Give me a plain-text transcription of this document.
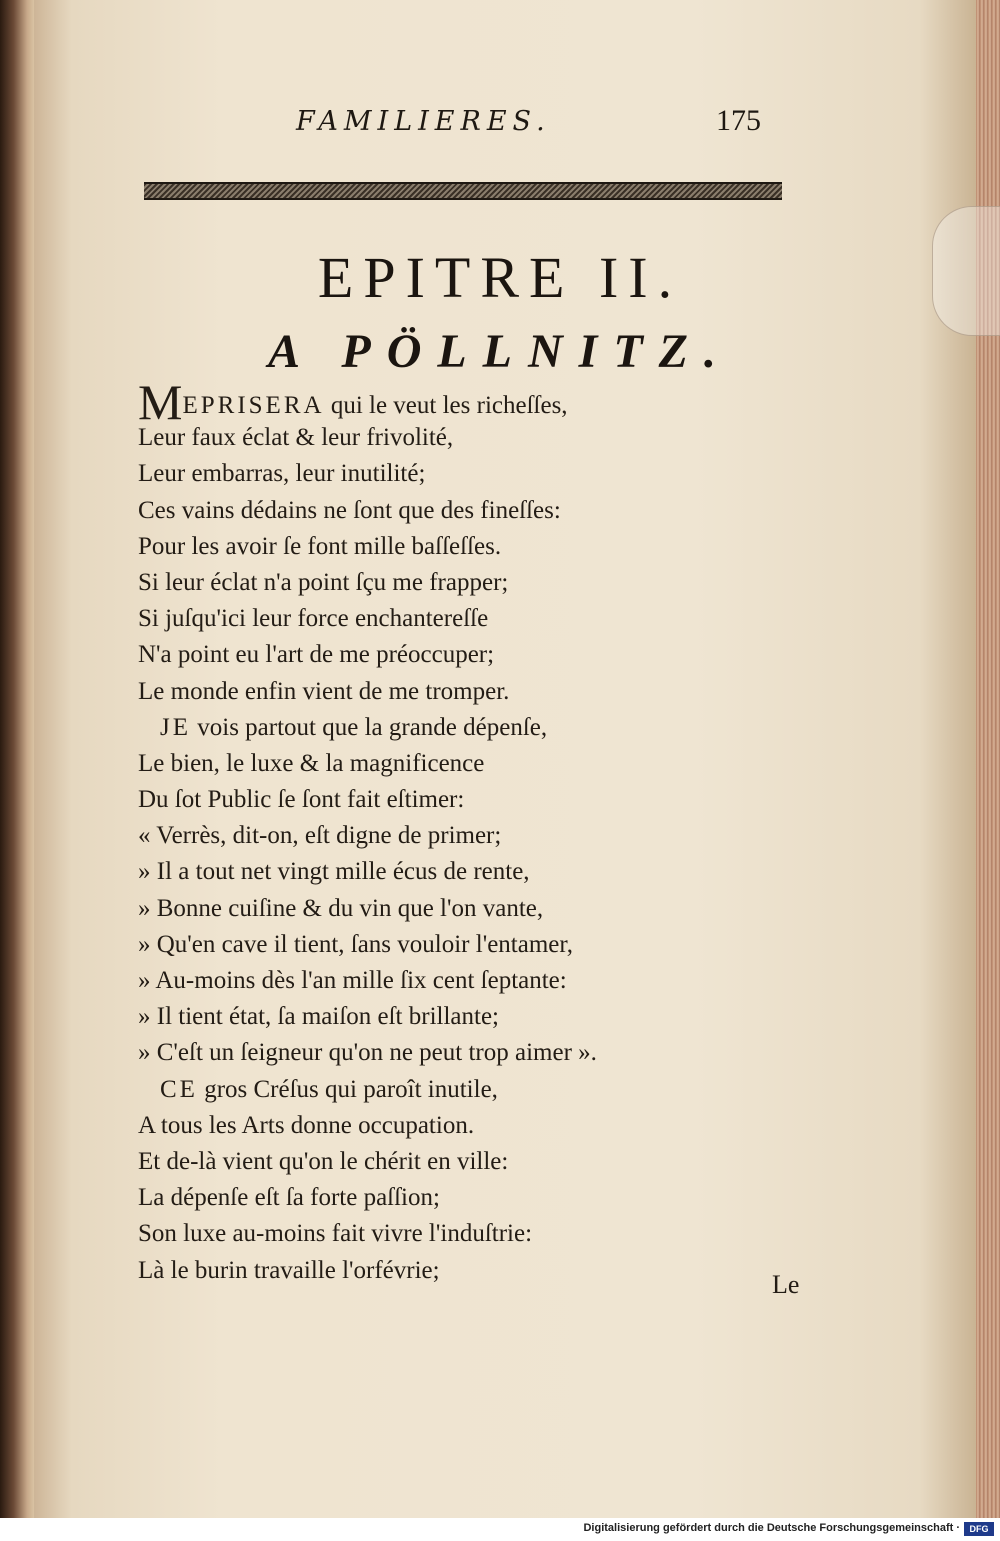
FAMILIERES.	175
EPITRE II.
A PÖLLNITZ.
MEPRISERA qui le veut les richeſſes,
Leur faux éclat & leur frivolité,
Leur embarras, leur inutilité;
Ces vains dédains ne ſont que des fineſſes:
Pour les avoir ſe font mille baſſeſſes.
Si leur éclat n'a point ſçu me frapper;
Si juſqu'ici leur force enchantereſſe
N'a point eu l'art de me préoccuper;
Le monde enfin vient de me tromper.
JE vois partout que la grande dépenſe,
Le bien, le luxe & la magnificence
Du ſot Public ſe ſont fait eſtimer:
« Verrès, dit-on, eſt digne de primer;
» Il a tout net vingt mille écus de rente,
» Bonne cuiſine & du vin que l'on vante,
» Qu'en cave il tient, ſans vouloir l'entamer,
» Au-moins dès l'an mille ſix cent ſeptante:
» Il tient état, ſa maiſon eſt brillante;
» C'eſt un ſeigneur qu'on ne peut trop aimer ».
CE gros Créſus qui paroît inutile,
A tous les Arts donne occupation.
Et de-là vient qu'on le chérit en ville:
La dépenſe eſt ſa forte paſſion;
Son luxe au-moins fait vivre l'induſtrie:
Là le burin travaille l'orfévrie;	Le
Digitalisierung gefördert durch die Deutsche Forschungsgemeinschaft ·	DFG
